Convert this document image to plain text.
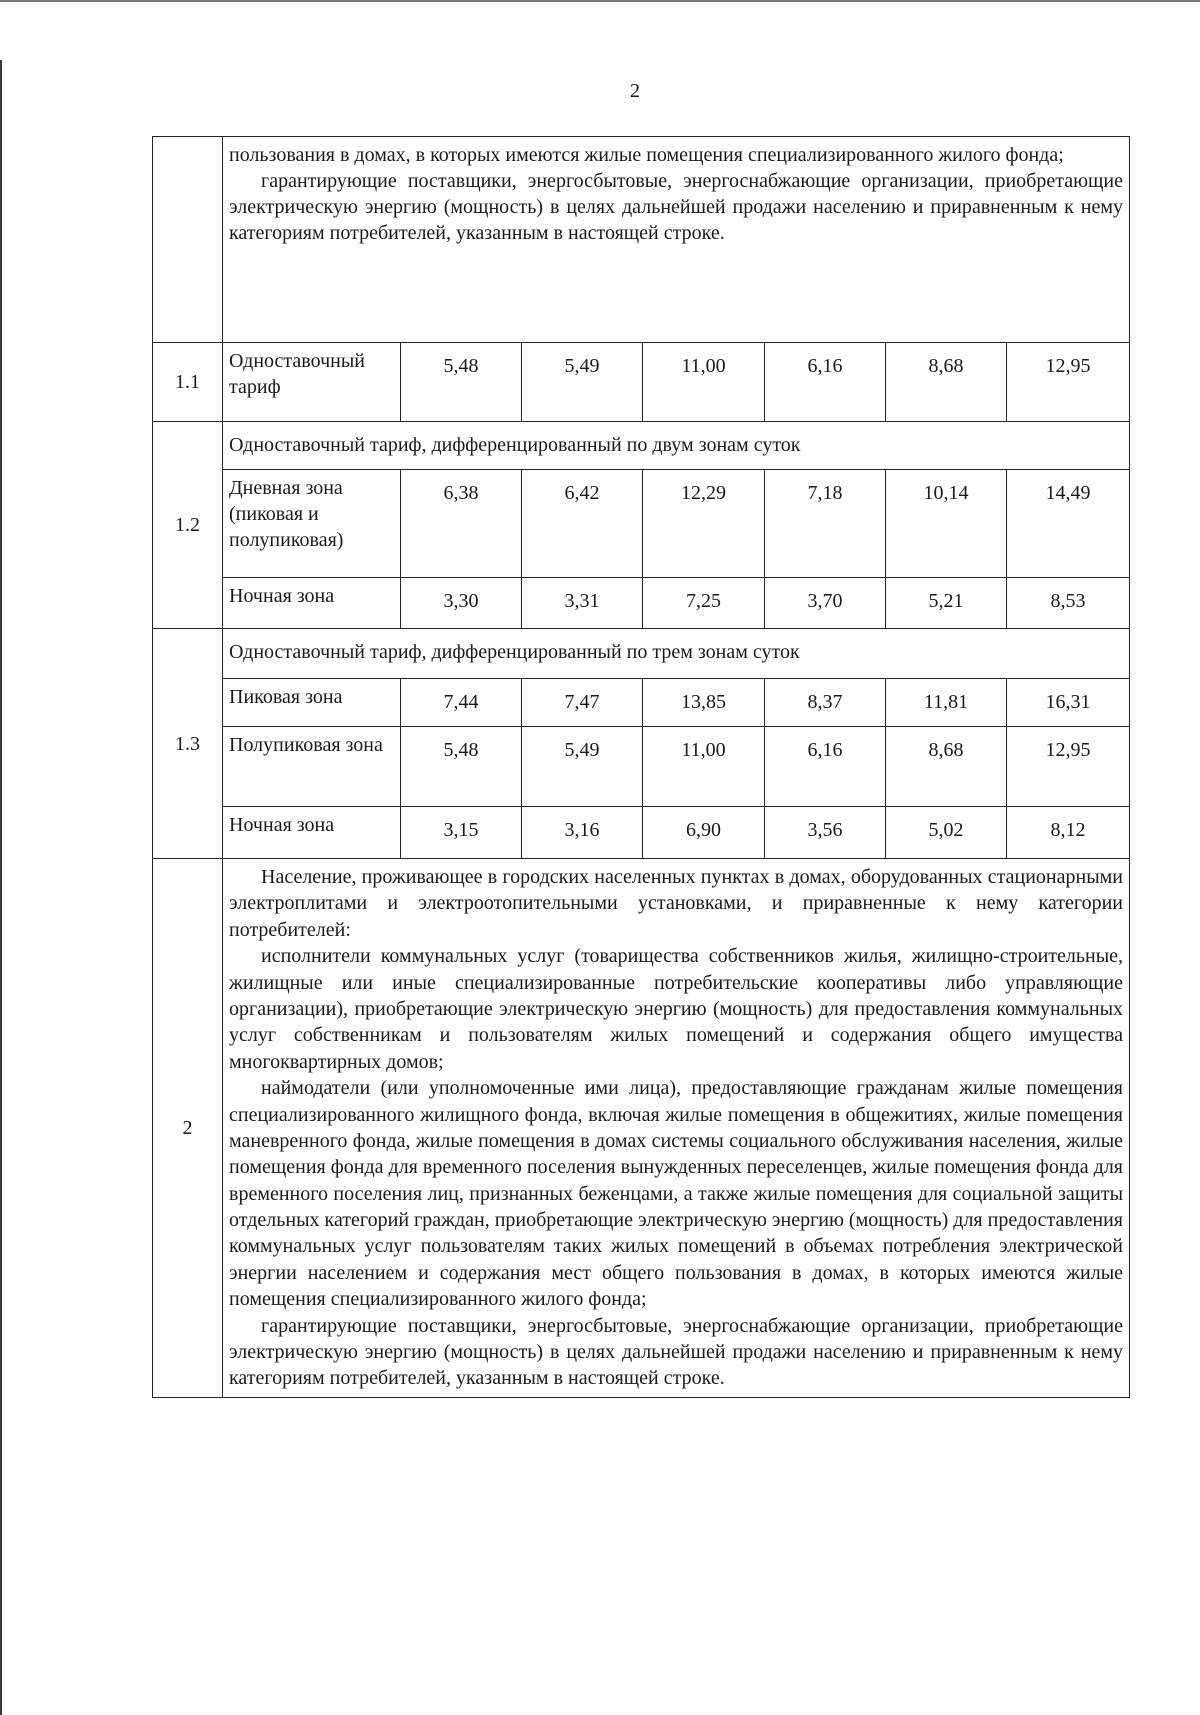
2

	пользования в домах, в которых имеются жилые помещения специализированного жилого фонда;

гарантирующие поставщики, энергосбытовые, энергоснабжающие организации, приобретающие электрическую энергию (мощность) в целях дальнейшей продажи населению и приравненным к нему категориям потребителей, указанным в настоящей строке.						

1.1	Одноставочный тариф	5,48	5,49	11,00	6,16	8,68	12,95
1.2	Одноставочный тариф, дифференцированный по двум зонам суток						
	Дневная зона (пиковая и полупиковая)	6,38	6,42	12,29	7,18	10,14	14,49
	Ночная зона	3,30	3,31	7,25	3,70	5,21	8,53
1.3	Одноставочный тариф, дифференцированный по трем зонам суток						
	Пиковая зона	7,44	7,47	13,85	8,37	11,81	16,31
	Полупиковая зона	5,48	5,49	11,00	6,16	8,68	12,95
	Ночная зона	3,15	3,16	6,90	3,56	5,02	8,12
2	Население, проживающее в городских населенных пунктах в домах, оборудованных стационарными электроплитами и электроотопительными установками, и приравненные к нему категории потребителей:

исполнители коммунальных услуг (товарищества собственников жилья, жилищно-строительные, жилищные или иные специализированные потребительские кооперативы либо управляющие организации), приобретающие электрическую энергию (мощность) для предоставления коммунальных услуг собственникам и пользователям жилых помещений и содержания общего имущества многоквартирных домов;

наймодатели (или уполномоченные ими лица), предоставляющие гражданам жилые помещения специализированного жилищного фонда, включая жилые помещения в общежитиях, жилые помещения маневренного фонда, жилые помещения в домах системы социального обслуживания населения, жилые помещения фонда для временного поселения вынужденных переселенцев, жилые помещения фонда для временного поселения лиц, признанных беженцами, а также жилые помещения для социальной защиты отдельных категорий граждан, приобретающие электрическую энергию (мощность) для предоставления коммунальных услуг пользователям таких жилых помещений в объемах потребления электрической энергии населением и содержания мест общего пользования в домах, в которых имеются жилые помещения специализированного жилого фонда;

гарантирующие поставщики, энергосбытовые, энергоснабжающие организации, приобретающие электрическую энергию (мощность) в целях дальнейшей продажи населению и приравненным к нему категориям потребителей, указанным в настоящей строке.						
